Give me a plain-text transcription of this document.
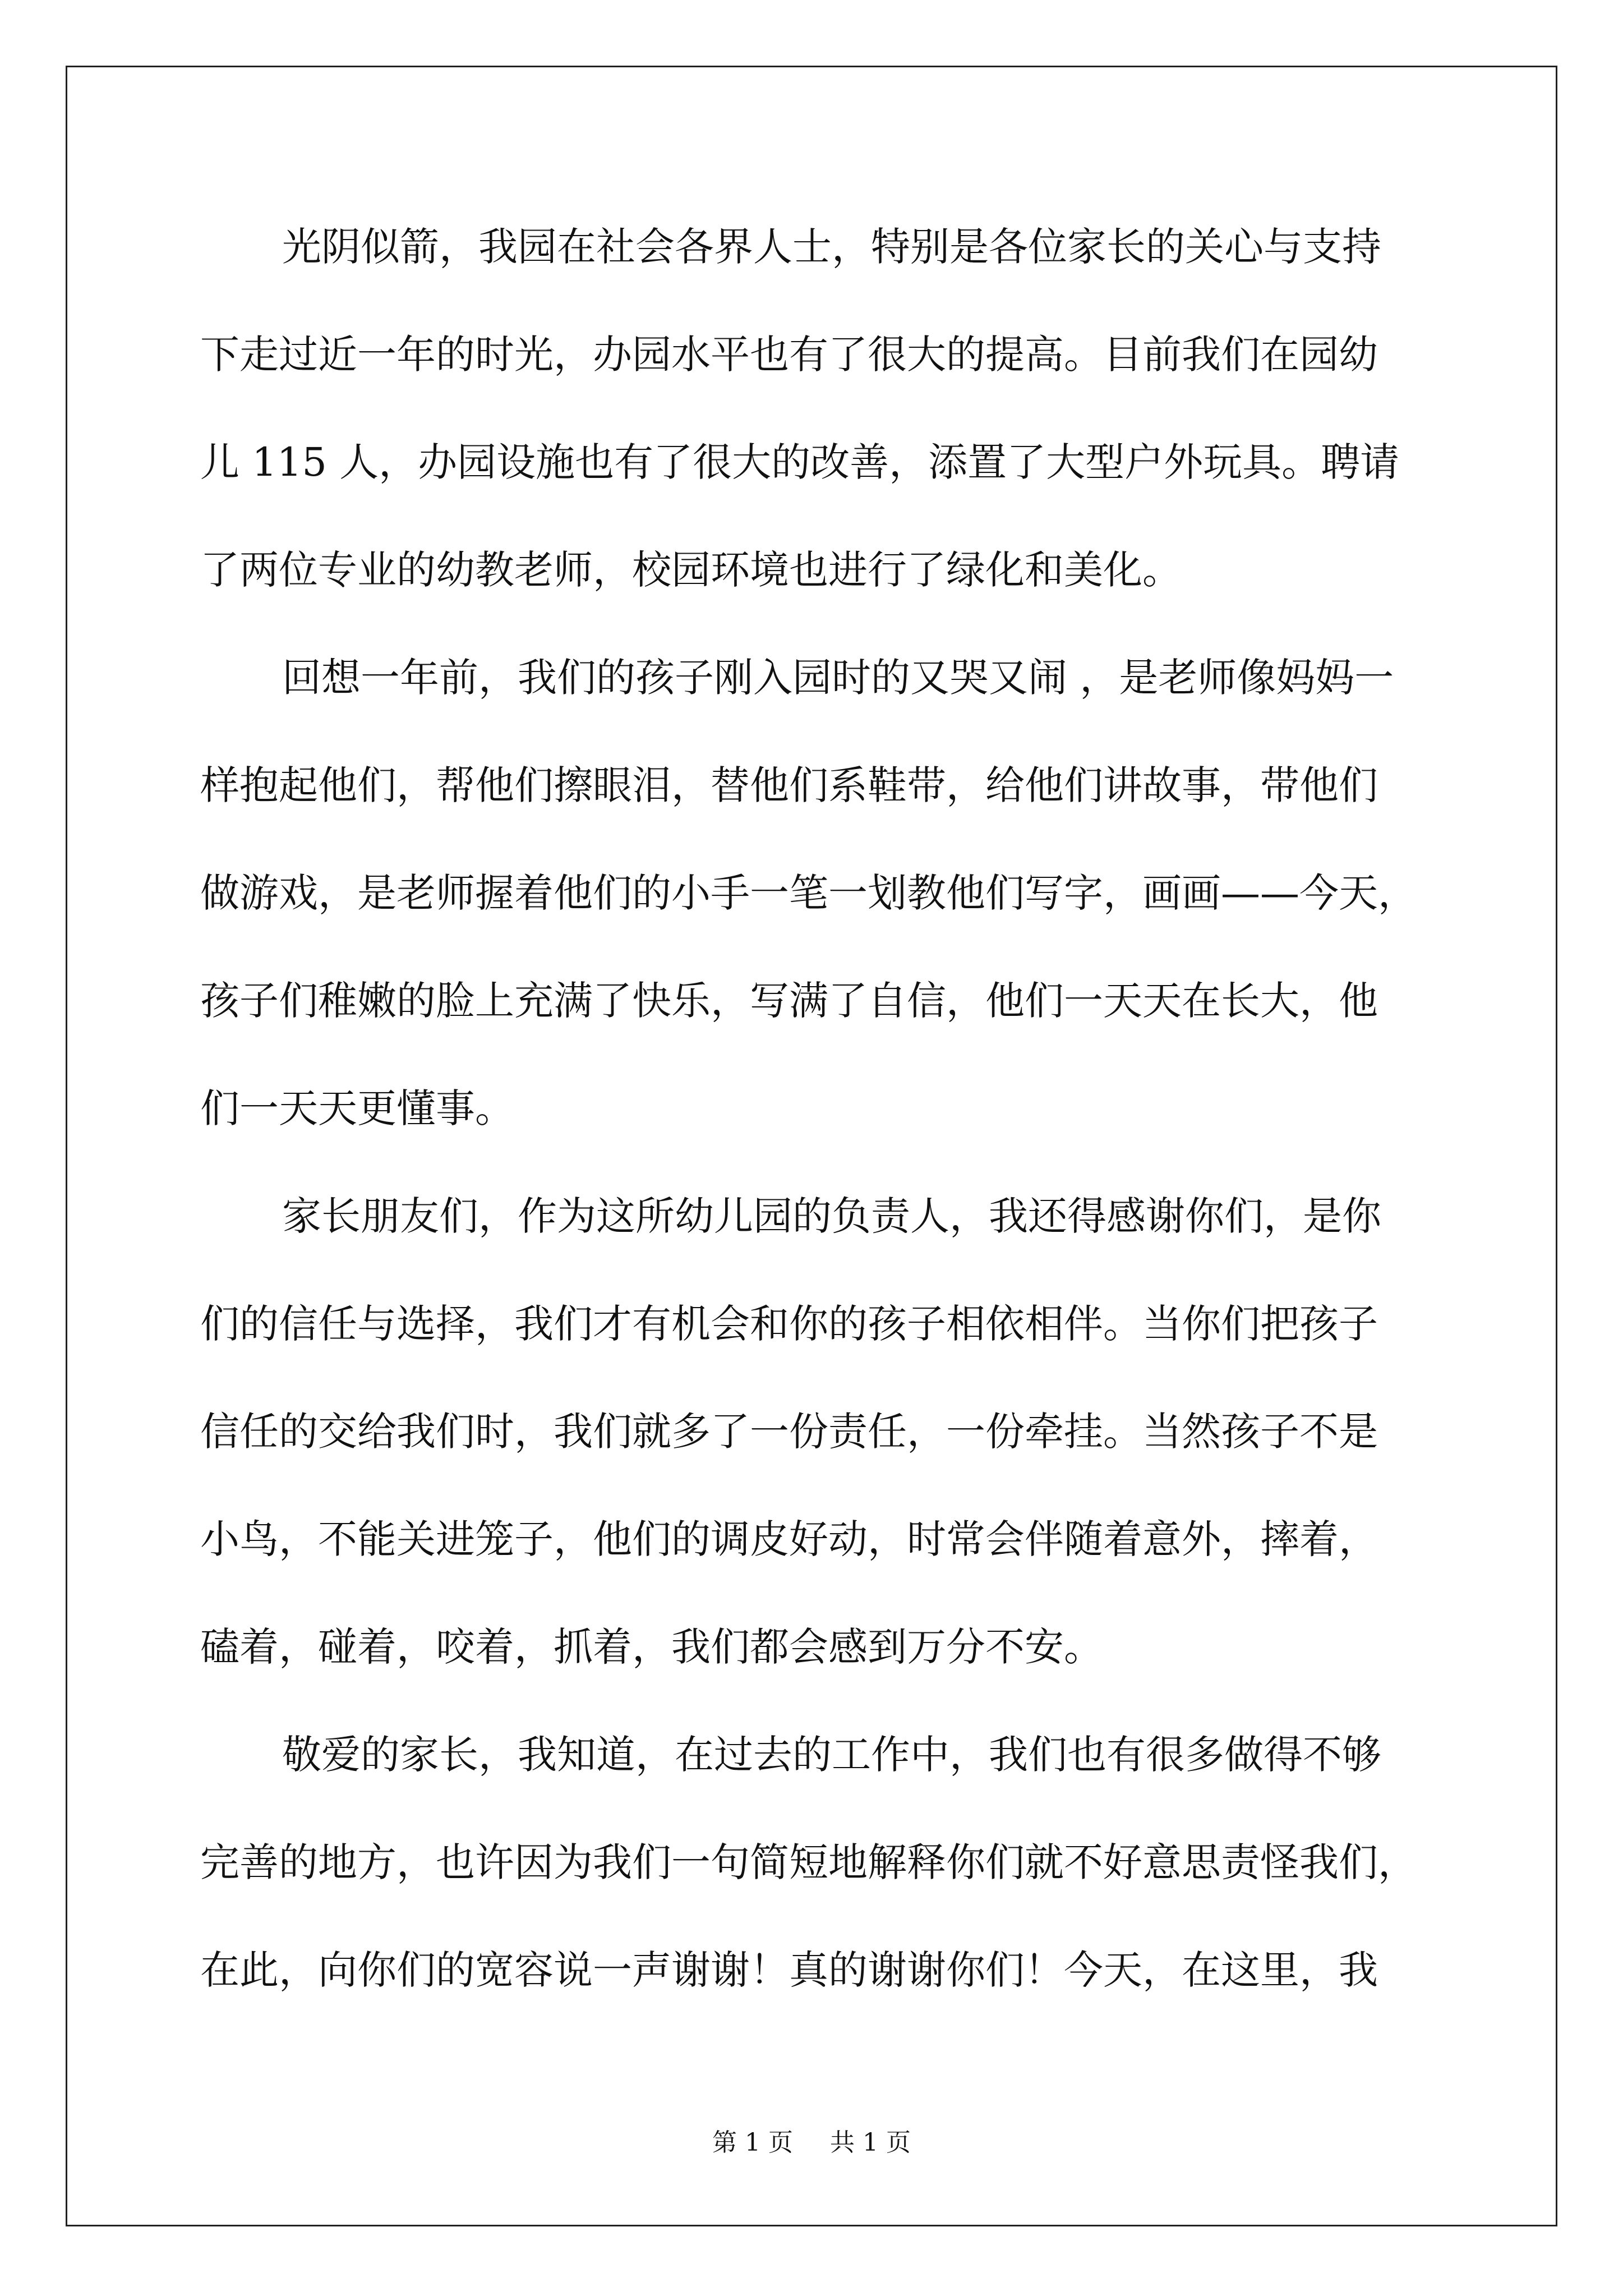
光阴似箭，我园在社会各界人士，特别是各位家长的关心与支持
下走过近一年的时光，办园水平也有了很大的提高。目前我们在园幼
儿 115 人，办园设施也有了很大的改善，添置了大型户外玩具。聘请
了两位专业的幼教老师，校园环境也进行了绿化和美化。
回想一年前，我们的孩子刚入园时的又哭又闹 ，是老师像妈妈一
样抱起他们，帮他们擦眼泪，替他们系鞋带，给他们讲故事，带他们
做游戏，是老师握着他们的小手一笔一划教他们写字，画画——今天，
孩子们稚嫩的脸上充满了快乐，写满了自信，他们一天天在长大，他
们一天天更懂事。
家长朋友们，作为这所幼儿园的负责人，我还得感谢你们，是你
们的信任与选择，我们才有机会和你的孩子相依相伴。当你们把孩子
信任的交给我们时，我们就多了一份责任，一份牵挂。当然孩子不是
小鸟，不能关进笼子，他们的调皮好动，时常会伴随着意外，摔着，
磕着，碰着，咬着，抓着，我们都会感到万分不安。
敬爱的家长，我知道，在过去的工作中，我们也有很多做得不够
完善的地方，也许因为我们一句简短地解释你们就不好意思责怪我们，
在此，向你们的宽容说一声谢谢！真的谢谢你们！今天，在这里，我
第 1 页 共 1 页
